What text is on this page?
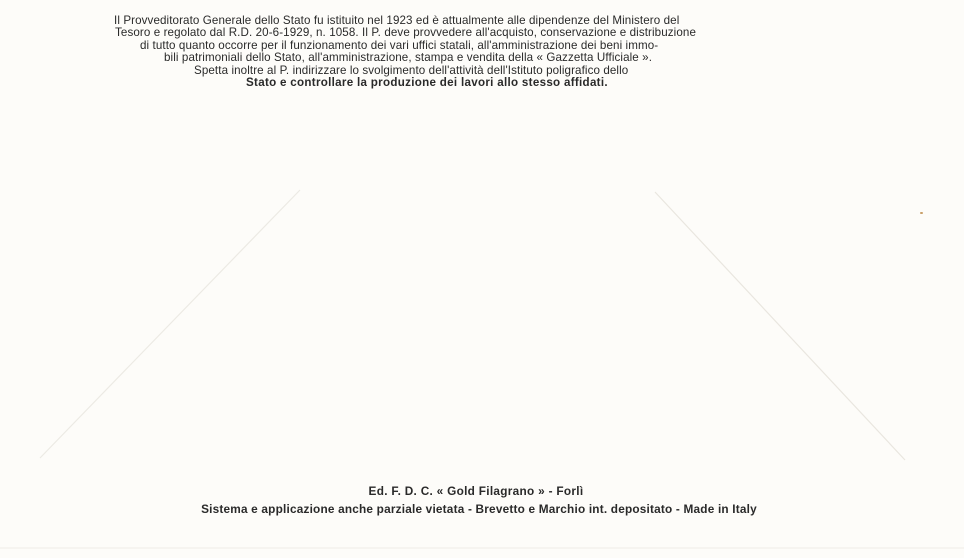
Il Provveditorato Generale dello Stato fu istituito nel 1923 ed è attualmente alle dipendenze del Ministero del
Tesoro e regolato dal R.D. 20-6-1929, n. 1058. Il P. deve provvedere all'acquisto, conservazione e distribuzione
di tutto quanto occorre per il funzionamento dei vari uffici statali, all'amministrazione dei beni immo-
bili patrimoniali dello Stato, all'amministrazione, stampa e vendita della « Gazzetta Ufficiale ».
Spetta inoltre al P. indirizzare lo svolgimento dell'attività dell'Istituto poligrafico dello
Stato e controllare la produzione dei lavori allo stesso affidati.
Ed. F. D. C. « Gold Filagrano » - Forlì
Sistema e applicazione anche parziale vietata - Brevetto e Marchio int. depositato - Made in Italy
